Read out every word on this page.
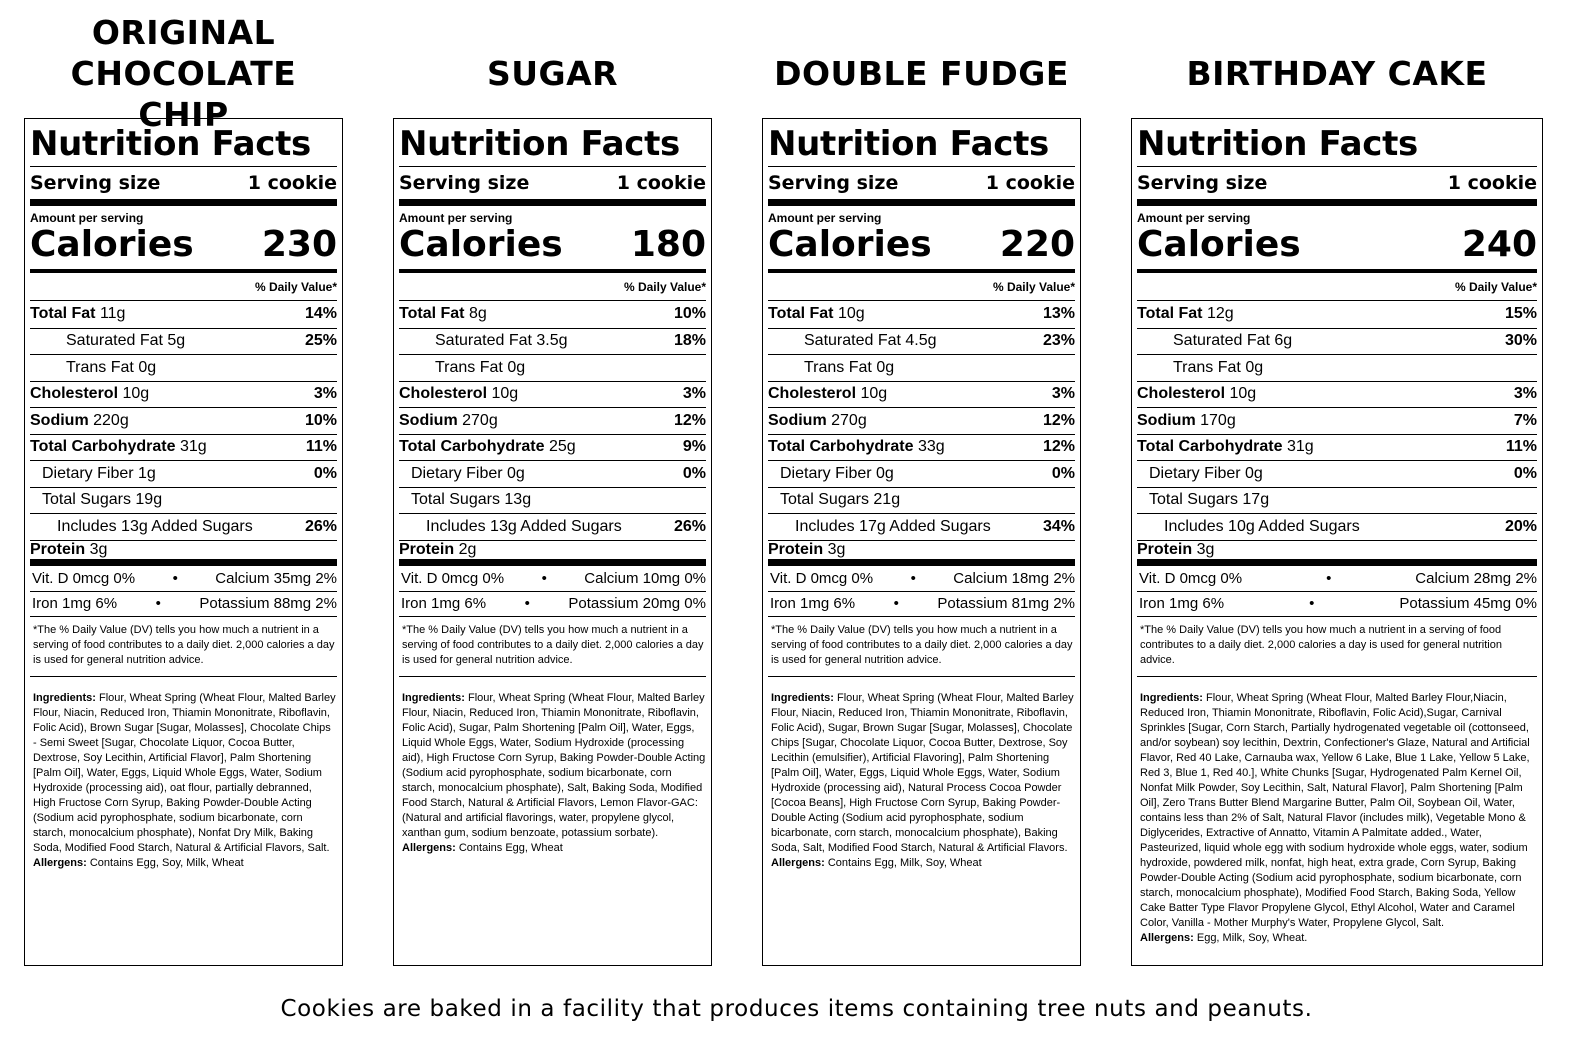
ORIGINAL
CHOCOLATE CHIP
Nutrition Facts
Serving size	1 cookie
Amount per serving
Calories 230
% Daily Value*
Total Fat 11g	14%
Saturated Fat 5g	25%
Trans Fat 0g
Cholesterol 10g	3%
Sodium 220g	10%
Total Carbohydrate 31g	11%
Dietary Fiber 1g	0%
Total Sugars 19g
Includes 13g Added Sugars	26%
Protein 3g
Vit. D 0mcg 0% • Calcium 35mg 2%
Iron 1mg 6%	•	Potassium 88mg 2%
*The % Daily Value (DV) tells you how much a nutrient in a serving of food contributes to a daily diet. 2,000 calories a day is used for general nutrition advice.
Ingredients: Flour, Wheat Spring (Wheat Flour, Malted Barley Flour, Niacin, Reduced Iron, Thiamin Mononitrate, Riboflavin, Folic Acid), Brown Sugar [Sugar, Molasses], Chocolate Chips - Semi Sweet [Sugar, Chocolate Liquor, Cocoa Butter, Dextrose, Soy Lecithin, Artificial Flavor], Palm Shortening [Palm Oil], Water, Eggs, Liquid Whole Eggs, Water, Sodium Hydroxide (processing aid), oat flour, partially debranned, High Fructose Corn Syrup, Baking Powder-Double Acting (Sodium acid pyrophosphate, sodium bicarbonate, corn starch, monocalcium phosphate), Nonfat Dry Milk, Baking Soda, Modified Food Starch, Natural & Artificial Flavors, Salt.
Allergens: Contains Egg, Soy, Milk, Wheat
SUGAR
Nutrition Facts
Serving size	1 cookie
Amount per serving
Calories 180
% Daily Value*
Total Fat 8g	10%
Saturated Fat 3.5g	18%
Trans Fat 0g
Cholesterol 10g	3%
Sodium 270g	12%
Total Carbohydrate 25g	9%
Dietary Fiber 0g	0%
Total Sugars 13g
Includes 13g Added Sugars	26%
Protein 2g
Vit. D 0mcg 0% • Calcium 10mg 0%
Iron 1mg 6%	•	Potassium 20mg 0%
*The % Daily Value (DV) tells you how much a nutrient in a serving of food contributes to a daily diet. 2,000 calories a day is used for general nutrition advice.
Ingredients: Flour, Wheat Spring (Wheat Flour, Malted Barley Flour, Niacin, Reduced Iron, Thiamin Mononitrate, Riboflavin, Folic Acid), Sugar, Palm Shortening [Palm Oil], Water, Eggs, Liquid Whole Eggs, Water, Sodium Hydroxide (processing aid), High Fructose Corn Syrup, Baking Powder-Double Acting (Sodium acid pyrophosphate, sodium bicarbonate, corn starch, monocalcium phosphate), Salt, Baking Soda, Modified Food Starch, Natural & Artificial Flavors, Lemon Flavor-GAC: (Natural and artificial flavorings, water, propylene glycol, xanthan gum, sodium benzoate, potassium sorbate).
Allergens: Contains Egg, Wheat
DOUBLE FUDGE
Nutrition Facts
Serving size	1 cookie
Amount per serving
Calories 220
% Daily Value*
Total Fat 10g	13%
Saturated Fat 4.5g	23%
Trans Fat 0g
Cholesterol 10g	3%
Sodium 270g	12%
Total Carbohydrate 33g	12%
Dietary Fiber 0g	0%
Total Sugars 21g
Includes 17g Added Sugars	34%
Protein 3g
Vit. D 0mcg 0% • Calcium 18mg 2%
Iron 1mg 6%	•	Potassium 81mg 2%
*The % Daily Value (DV) tells you how much a nutrient in a serving of food contributes to a daily diet. 2,000 calories a day is used for general nutrition advice.
Ingredients: Flour, Wheat Spring (Wheat Flour, Malted Barley Flour, Niacin, Reduced Iron, Thiamin Mononitrate, Riboflavin, Folic Acid), Sugar, Brown Sugar [Sugar, Molasses], Chocolate Chips [Sugar, Chocolate Liquor, Cocoa Butter, Dextrose, Soy Lecithin (emulsifier), Artificial Flavoring], Palm Shortening [Palm Oil], Water, Eggs, Liquid Whole Eggs, Water, Sodium Hydroxide (processing aid), Natural Process Cocoa Powder [Cocoa Beans], High Fructose Corn Syrup, Baking Powder-Double Acting (Sodium acid pyrophosphate, sodium bicarbonate, corn starch, monocalcium phosphate), Baking Soda, Salt, Modified Food Starch, Natural & Artificial Flavors.
Allergens: Contains Egg, Milk, Soy, Wheat
BIRTHDAY CAKE
Nutrition Facts
Serving size	1 cookie
Amount per serving
Calories	240
% Daily Value*
Total Fat 12g	15%
Saturated Fat 6g	30%
Trans Fat 0g
Cholesterol 10g	3%
Sodium 170g	7%
Total Carbohydrate 31g	11%
Dietary Fiber 0g	0%
Total Sugars 17g
Includes 10g Added Sugars	20%
Protein 3g
Vit. D 0mcg 0%	•	Calcium 28mg 2%
Iron 1mg 6%	•	Potassium 45mg 0%
*The % Daily Value (DV) tells you how much a nutrient in a serving of food contributes to a daily diet. 2,000 calories a day is used for general nutrition advice.
Ingredients: Flour, Wheat Spring (Wheat Flour, Malted Barley Flour,Niacin, Reduced Iron, Thiamin Mononitrate, Riboflavin, Folic Acid),Sugar, Carnival Sprinkles [Sugar, Corn Starch, Partially hydrogenated vegetable oil (cottonseed, and/or soybean) soy lecithin, Dextrin, Confectioner's Glaze, Natural and Artificial Flavor, Red 40 Lake, Carnauba wax, Yellow 6 Lake, Blue 1 Lake, Yellow 5 Lake, Red 3, Blue 1, Red 40.], White Chunks [Sugar, Hydrogenated Palm Kernel Oil, Nonfat Milk Powder, Soy Lecithin, Salt, Natural Flavor], Palm Shortening [Palm Oil], Zero Trans Butter Blend Margarine Butter, Palm Oil, Soybean Oil, Water, contains less than 2% of Salt, Natural Flavor (includes milk), Vegetable Mono & Diglycerides, Extractive of Annatto, Vitamin A Palmitate added., Water, Pasteurized, liquid whole egg with sodium hydroxide whole eggs, water, sodium hydroxide, powdered milk, nonfat, high heat, extra grade, Corn Syrup, Baking Powder-Double Acting (Sodium acid pyrophosphate, sodium bicarbonate, corn starch, monocalcium phosphate), Modified Food Starch, Baking Soda, Yellow Cake Batter Type Flavor Propylene Glycol, Ethyl Alcohol, Water and Caramel Color, Vanilla - Mother Murphy's Water, Propylene Glycol, Salt.
Allergens: Egg, Milk, Soy, Wheat.
Cookies are baked in a facility that produces items containing tree nuts and peanuts.
